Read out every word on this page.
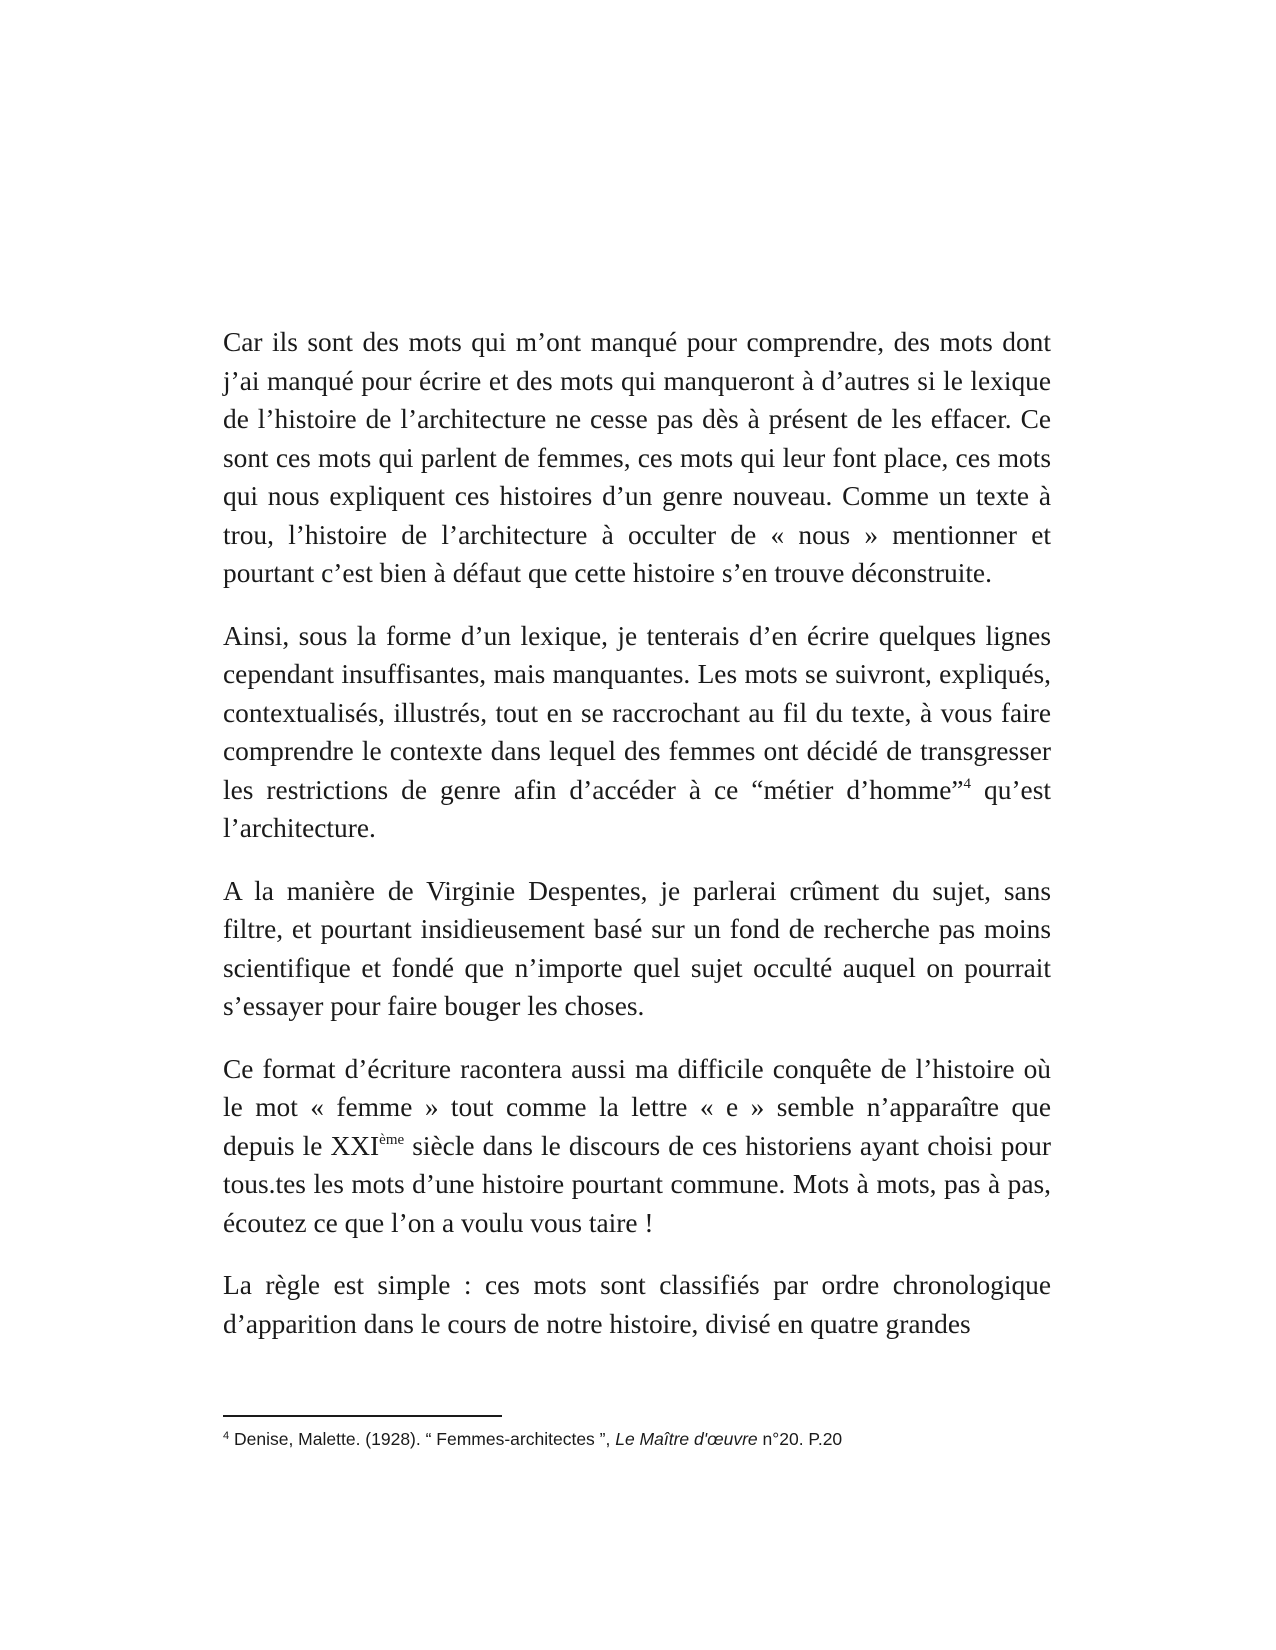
Car ils sont des mots qui m’ont manqué pour comprendre, des mots dont j’ai manqué pour écrire et des mots qui manqueront à d’autres si le lexique de l’histoire de l’architecture ne cesse pas dès à présent de les effacer. Ce sont ces mots qui parlent de femmes, ces mots qui leur font place, ces mots qui nous expliquent ces histoires d’un genre nouveau. Comme un texte à trou, l’histoire de l’architecture à occulter de « nous » mentionner et pourtant c’est bien à défaut que cette histoire s’en trouve déconstruite.

Ainsi, sous la forme d’un lexique, je tenterais d’en écrire quelques lignes cependant insuffisantes, mais manquantes. Les mots se suivront, expliqués, contextualisés, illustrés, tout en se raccrochant au fil du texte, à vous faire comprendre le contexte dans lequel des femmes ont décidé de transgresser les restrictions de genre afin d’accéder à ce “métier d’homme”$^4$ qu’est l’architecture.

A la manière de Virginie Despentes, je parlerai crûment du sujet, sans filtre, et pourtant insidieusement basé sur un fond de recherche pas moins scientifique et fondé que n’importe quel sujet occulté auquel on pourrait s’essayer pour faire bouger les choses.

Ce format d’écriture racontera aussi ma difficile conquête de l’histoire où le mot « femme » tout comme la lettre « e » semble n’apparaître que depuis le XXIème siècle dans le discours de ces historiens ayant choisi pour tous.tes les mots d’une histoire pourtant commune. Mots à mots, pas à pas, écoutez ce que l’on a voulu vous taire !

La règle est simple : ces mots sont classifiés par ordre chronologique d’apparition dans le cours de notre histoire, divisé en quatre grandes

$^4$ Denise, Malette. (1928). “ Femmes-architectes ”, Le Maître d'œuvre n°20. P.20
